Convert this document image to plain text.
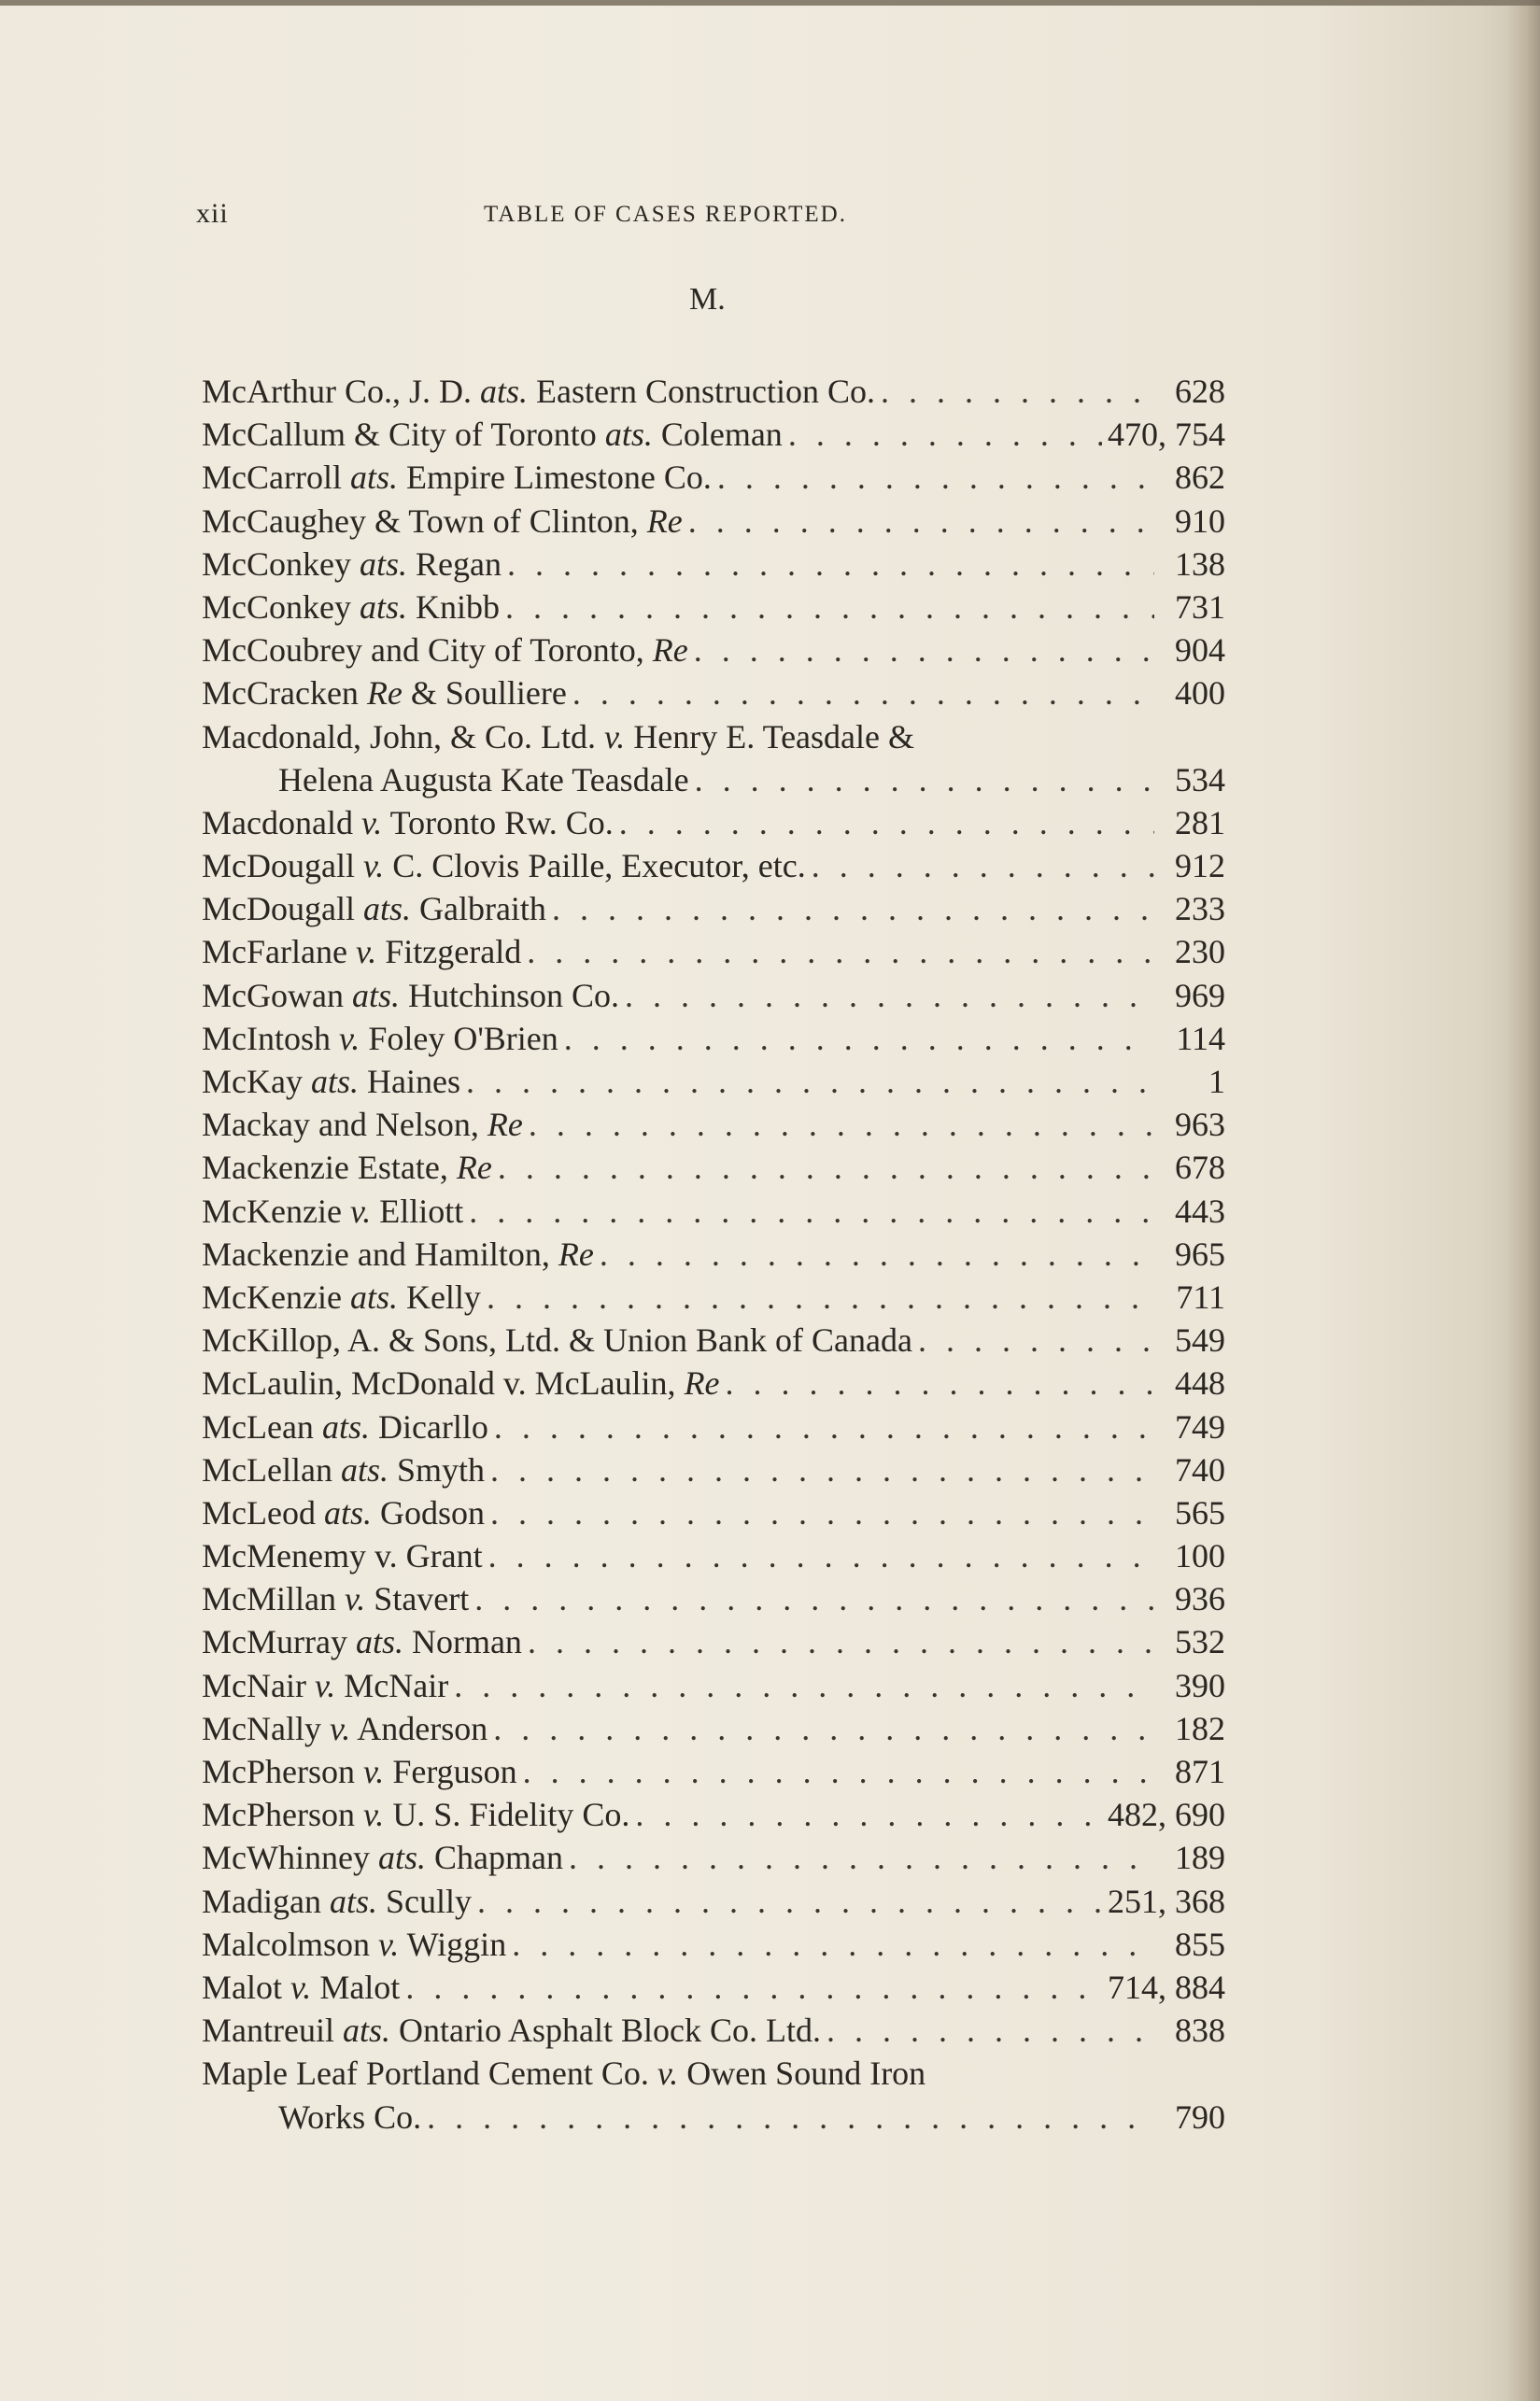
xii	TABLE OF CASES REPORTED.
M.
McArthur Co., J. D. ats. Eastern Construction Co. . . .	628
McCallum & City of Toronto ats. Coleman . . .	470, 754
McCarroll ats. Empire Limestone Co. . . .	862
McCaughey & Town of Clinton, Re . . .	910
McConkey ats. Regan . . .	138
McConkey ats. Knibb . . .	731
McCoubrey and City of Toronto, Re . . .	904
McCracken Re & Soulliere . . .	400
Macdonald, John, & Co. Ltd. v. Henry E. Teasdale &
Helena Augusta Kate Teasdale . . .	534
Macdonald v. Toronto Rw. Co. . . .	281
McDougall v. C. Clovis Paille, Executor, etc. . . .	912
McDougall ats. Galbraith . . .	233
McFarlane v. Fitzgerald . . .	230
McGowan ats. Hutchinson Co. . . .	969
McIntosh v. Foley O'Brien . . .	114
McKay ats. Haines . . .	1
Mackay and Nelson, Re . . .	963
Mackenzie Estate, Re . . .	678
McKenzie v. Elliott . . .	443
Mackenzie and Hamilton, Re . . .	965
McKenzie ats. Kelly . . .	711
McKillop, A. & Sons, Ltd. & Union Bank of Canada . . .	549
McLaulin, McDonald v. McLaulin, Re . . .	448
McLean ats. Dicarllo . . .	749
McLellan ats. Smyth . . .	740
McLeod ats. Godson . . .	565
McMenemy v. Grant . . .	100
McMillan v. Stavert . . .	936
McMurray ats. Norman . . .	532
McNair v. McNair . . .	390
McNally v. Anderson . . .	182
McPherson v. Ferguson . . .	871
McPherson v. U. S. Fidelity Co. . . .	482, 690
McWhinney ats. Chapman . . .	189
Madigan ats. Scully . . .	251, 368
Malcolmson v. Wiggin . . .	855
Malot v. Malot . . .	714, 884
Mantreuil ats. Ontario Asphalt Block Co. Ltd. . . .	838
Maple Leaf Portland Cement Co. v. Owen Sound Iron
Works Co. . . .	790
